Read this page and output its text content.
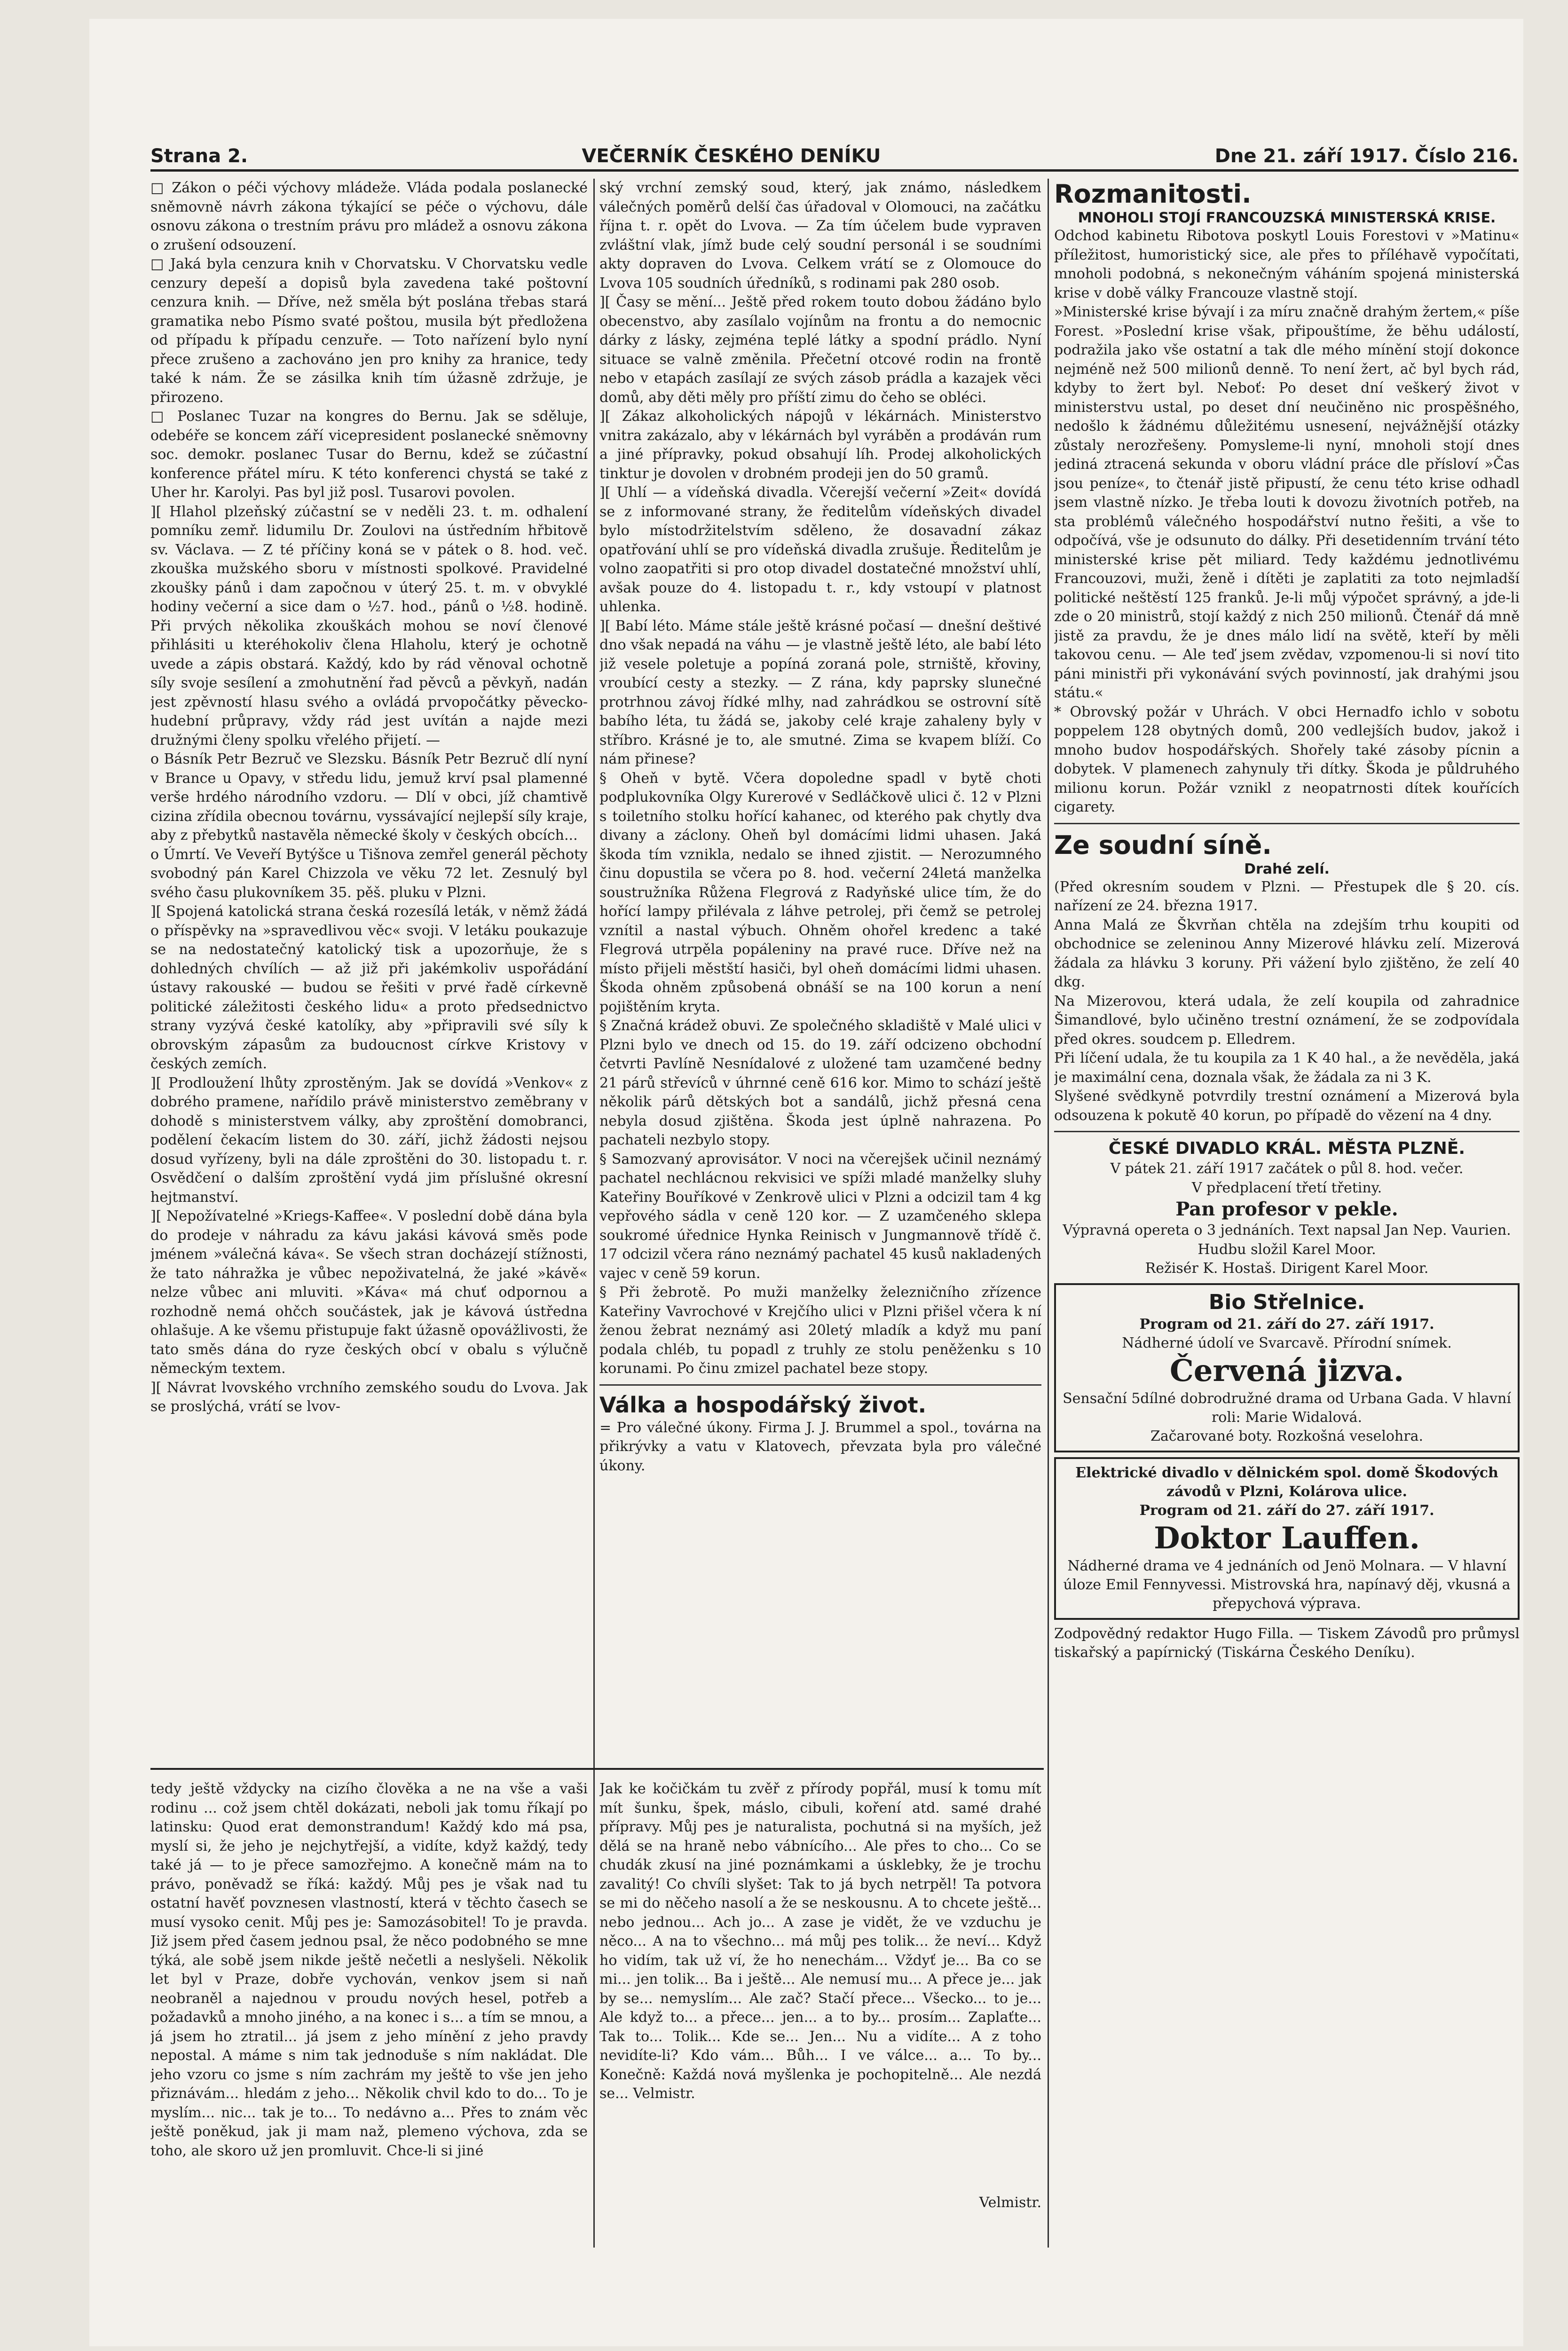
Strana 2.	VEČERNÍK ČESKÉHO DENÍKU	Dne 21. září 1917. Číslo 216.

□ Zákon o péči výchovy mládeže. Vláda podala poslanecké sněmovně návrh zákona týkající se péče o výchovu, dále osnovu zákona o trestním právu pro mládež a osnovu zákona o zrušení odsouzení.

□ Jaká byla cenzura knih v Chorvatsku. V Chorvatsku vedle cenzury depeší a dopisů byla zavedena také poštovní cenzura knih. — Dříve, než směla být poslána třebas stará gramatika nebo Písmo svaté poštou, musila být předložena od případu k případu cenzuře. — Toto nařízení bylo nyní přece zrušeno a zachováno jen pro knihy za hranice, tedy také k nám. Že se zásilka knih tím úžasně zdržuje, je přirozeno.

□ Poslanec Tuzar na kongres do Bernu. Jak se sděluje, odebéře se koncem září vicepresident poslanecké sněmovny soc. demokr. poslanec Tusar do Bernu, kdež se zúčastní konference přátel míru. K této konferenci chystá se také z Uher hr. Karolyi. Pas byl již posl. Tusarovi povolen.

][ Hlahol plzeňský zúčastní se v neděli 23. t. m. odhalení pomníku zemř. lidumilu Dr. Zoulovi na ústředním hřbitově sv. Václava. — Z té příčiny koná se v pátek o 8. hod. več. zkouška mužského sboru v místnosti spolkové. Pravidelné zkoušky pánů i dam započnou v úterý 25. t. m. v obvyklé hodiny večerní a sice dam o ½7. hod., pánů o ½8. hodině. Při prvých několika zkouškách mohou se noví členové přihlásiti u kteréhokoliv člena Hlaholu, který je ochotně uvede a zápis obstará. Každý, kdo by rád věnoval ochotně síly svoje sesílení a zmohutnění řad pěvců a pěvkyň, nadán jest zpěvností hlasu svého a ovládá prvopočátky pěvecko-hudební průpravy, vždy rád jest uvítán a najde mezi družnými členy spolku vřelého přijetí. —

o Básník Petr Bezruč ve Slezsku. Básník Petr Bezruč dlí nyní v Brance u Opavy, v středu lidu, jemuž krví psal plamenné verše hrdého národního vzdoru. — Dlí v obci, jíž chamtivě cizina zřídila obecnou továrnu, vyssávající nejlepší síly kraje, aby z přebytků nastavěla německé školy v českých obcích...

o Úmrtí. Ve Veveří Bytýšce u Tišnova zemřel generál pěchoty svobodný pán Karel Chizzola ve věku 72 let. Zesnulý byl svého času plukovníkem 35. pěš. pluku v Plzni.

][ Spojená katolická strana česká rozesílá leták, v němž žádá o příspěvky na »spravedlivou věc« svoji. V letáku poukazuje se na nedostatečný katolický tisk a upozorňuje, že s dohledných chvílích — až již při jakémkoliv uspořádání ústavy rakouské — budou se řešiti v prvé řadě církevně politické záležitosti českého lidu« a proto předsednictvo strany vyzývá české katolíky, aby »připravili své síly k obrovským zápasům za budoucnost církve Kristovy v českých zemích.

][ Prodloužení lhůty zprostěným. Jak se dovídá »Venkov« z dobrého pramene, nařídilo právě ministerstvo zeměbrany v dohodě s ministerstvem války, aby zproštění domobranci, podělení čekacím listem do 30. září, jichž žádosti nejsou dosud vyřízeny, byli na dále zproštěni do 30. listopadu t. r. Osvědčení o dalším zproštění vydá jim příslušné okresní hejtmanství.

][ Nepožívatelné »Kriegs-Kaffee«. V poslední době dána byla do prodeje v náhradu za kávu jakási kávová směs pode jménem »válečná káva«. Se všech stran docházejí stížnosti, že tato náhražka je vůbec nepoživatelná, že jaké »kávě« nelze vůbec ani mluviti. »Káva« má chuť odpornou a rozhodně nemá ohčch součástek, jak je kávová ústředna ohlašuje. A ke všemu přistupuje fakt úžasně opovážlivosti, že tato směs dána do ryze českých obcí v obalu s výlučně německým textem.

][ Návrat lvovského vrchního zemského soudu do Lvova. Jak se proslýchá, vrátí se lvov-

ský vrchní zemský soud, který, jak známo, následkem válečných poměrů delší čas úřadoval v Olomouci, na začátku října t. r. opět do Lvova. — Za tím účelem bude vypraven zvláštní vlak, jímž bude celý soudní personál i se soudními akty dopraven do Lvova. Celkem vrátí se z Olomouce do Lvova 105 soudních úředníků, s rodinami pak 280 osob.

][ Časy se mění... Ještě před rokem touto dobou žádáno bylo obecenstvo, aby zasílalo vojínům na frontu a do nemocnic dárky z lásky, zejména teplé látky a spodní prádlo. Nyní situace se valně změnila. Přečetní otcové rodin na frontě nebo v etapách zasílají ze svých zásob prádla a kazajek věci domů, aby děti měly pro příští zimu do čeho se obléci.

][ Zákaz alkoholických nápojů v lékárnách. Ministerstvo vnitra zakázalo, aby v lékárnách byl vyráběn a prodáván rum a jiné přípravky, pokud obsahují líh. Prodej alkoholických tinktur je dovolen v drobném prodeji jen do 50 gramů.

][ Uhlí — a vídeňská divadla. Včerejší večerní »Zeit« dovídá se z informované strany, že ředitelům vídeňských divadel bylo místodržitelstvím sděleno, že dosavadní zákaz opatřování uhlí se pro vídeňská divadla zrušuje. Ředitelům je volno zaopatřiti si pro otop divadel dostatečné množství uhlí, avšak pouze do 4. listopadu t. r., kdy vstoupí v platnost uhlenka.

][ Babí léto. Máme stále ještě krásné počasí — dnešní deštivé dno však nepadá na váhu — je vlastně ještě léto, ale babí léto již vesele poletuje a popíná zoraná pole, strniště, křoviny, vroubící cesty a stezky. — Z rána, kdy paprsky slunečné protrhnou závoj řídké mlhy, nad zahrádkou se ostrovní sítě babího léta, tu žádá se, jakoby celé kraje zahaleny byly v stříbro. Krásné je to, ale smutné. Zima se kvapem blíží. Co nám přinese?

§ Oheň v bytě. Včera dopoledne spadl v bytě choti podplukovníka Olgy Kurerové v Sedláčkově ulici č. 12 v Plzni s toiletního stolku hořící kahanec, od kterého pak chytly dva divany a záclony. Oheň byl domácími lidmi uhasen. Jaká škoda tím vznikla, nedalo se ihned zjistit. — Nerozumného činu dopustila se včera po 8. hod. večerní 24letá manželka soustružníka Růžena Flegrová z Radyňské ulice tím, že do hořící lampy přilévala z láhve petrolej, při čemž se petrolej vznítil a nastal výbuch. Ohněm ohořel kredenc a také Flegrová utrpěla popáleniny na pravé ruce. Dříve než na místo přijeli městští hasiči, byl oheň domácími lidmi uhasen. Škoda ohněm způsobená obnáší se na 100 korun a není pojištěním kryta.

§ Značná krádež obuvi. Ze společného skladiště v Malé ulici v Plzni bylo ve dnech od 15. do 19. září odcizeno obchodní četvrti Pavlíně Nesnídalové z uložené tam uzamčené bedny 21 párů střevíců v úhrnné ceně 616 kor. Mimo to schází ještě několik párů dětských bot a sandálů, jichž přesná cena nebyla dosud zjištěna. Škoda jest úplně nahrazena. Po pachateli nezbylo stopy.

§ Samozvaný aprovisátor. V noci na včerejšek učinil neznámý pachatel nechlácnou rekvisici ve spíži mladé manželky sluhy Kateřiny Bouříkové v Zenkrově ulici v Plzni a odcizil tam 4 kg vepřového sádla v ceně 120 kor. — Z uzamčeného sklepa soukromé úřednice Hynka Reinisch v Jungmannově třídě č. 17 odcizil včera ráno neznámý pachatel 45 kusů nakladených vajec v ceně 59 korun.

§ Při žebrotě. Po muži manželky železničního zřízence Kateřiny Vavrochové v Krejčího ulici v Plzni přišel včera k ní ženou žebrat neznámý asi 20letý mladík a když mu paní podala chléb, tu popadl z truhly ze stolu peněženku s 10 korunami. Po činu zmizel pachatel beze stopy.

Válka a hospodářský život.

= Pro válečné úkony. Firma J. J. Brummel a spol., továrna na přikrývky a vatu v Klatovech, převzata byla pro válečné úkony.

Rozmanitosti.

MNOHOLI STOJÍ FRANCOUZSKÁ MINISTERSKÁ KRISE.

Odchod kabinetu Ribotova poskytl Louis Forestovi v »Matinu« příležitost, humoristický sice, ale přes to příléhavě vypočítati, mnoholi podobná, s nekonečným váháním spojená ministerská krise v době války Francouze vlastně stojí.

»Ministerské krise bývají i za míru značně drahým žertem,« píše Forest. »Poslední krise však, připouštíme, že běhu událostí, podražila jako vše ostatní a tak dle mého mínění stojí dokonce nejméně než 500 milionů denně. To není žert, ač byl bych rád, kdyby to žert byl. Neboť: Po deset dní veškerý život v ministerstvu ustal, po deset dní neučiněno nic prospěšného, nedošlo k žádnému důležitému usnesení, nejvážnější otázky zůstaly nerozřešeny. Pomysleme-li nyní, mnoholi stojí dnes jediná ztracená sekunda v oboru vládní práce dle přísloví »Čas jsou peníze«, to čtenář jistě připustí, že cenu této krise odhadl jsem vlastně nízko. Je třeba louti k dovozu životních potřeb, na sta problémů válečného hospodářství nutno řešiti, a vše to odpočívá, vše je odsunuto do dálky. Při desetidenním trvání této ministerské krise pět miliard. Tedy každému jednotlivému Francouzovi, muži, ženě i dítěti je zaplatiti za toto nejmladší politické neštěstí 125 franků. Je-li můj výpočet správný, a jde-li zde o 20 ministrů, stojí každý z nich 250 milionů. Čtenář dá mně jistě za pravdu, že je dnes málo lidí na světě, kteří by měli takovou cenu. — Ale teď jsem zvědav, vzpomenou-li si noví tito páni ministři při vykonávání svých povinností, jak drahými jsou státu.«

* Obrovský požár v Uhrách. V obci Hernadfo ichlo v sobotu poppelem 128 obytných domů, 200 vedlejších budov, jakož i mnoho budov hospodářských. Shořely také zásoby pícnin a dobytek. V plamenech zahynuly tři dítky. Škoda je půldruhého milionu korun. Požár vznikl z neopatrnosti dítek kouřících cigarety.

Ze soudní síně.

Drahé zelí.

(Před okresním soudem v Plzni. — Přestupek dle § 20. cís. nařízení ze 24. března 1917.

Anna Malá ze Škvrňan chtěla na zdejším trhu koupiti od obchodnice se zeleninou Anny Mizerové hlávku zelí. Mizerová žádala za hlávku 3 koruny. Při vážení bylo zjištěno, že zelí 40 dkg.

Na Mizerovou, která udala, že zelí koupila od zahradnice Šimandlové, bylo učiněno trestní oznámení, že se zodpovídala před okres. soudcem p. Elledrem.

Při líčení udala, že tu koupila za 1 K 40 hal., a že nevěděla, jaká je maximální cena, doznala však, že žádala za ni 3 K.

Slyšené svědkyně potvrdily trestní oznámení a Mizerová byla odsouzena k pokutě 40 korun, po případě do vězení na 4 dny.

ČESKÉ DIVADLO KRÁL. MĚSTA PLZNĚ.

V pátek 21. září 1917 začátek o půl 8. hod. večer.

V předplacení třetí třetiny.

Pan profesor v pekle.

Výpravná opereta o 3 jednáních. Text napsal Jan Nep. Vaurien. Hudbu složil Karel Moor.

Režisér K. Hostaš. Dirigent Karel Moor.

Bio Střelnice.
Program od 21. září do 27. září 1917.
Nádherné údolí ve Svarcavě. Přírodní snímek.
Červená jizva.
Sensační 5dílné dobrodružné drama od Urbana Gada. V hlavní roli: Marie Widalová.
Začarované boty. Rozkošná veselohra.
Elektrické divadlo v dělnickém spol. domě Škodových závodů v Plzni, Kolárova ulice.
Program od 21. září do 27. září 1917.
Doktor Lauffen.
Nádherné drama ve 4 jednáních od Jenö Molnara. — V hlavní úloze Emil Fennyvessi. Mistrovská hra, napínavý děj, vkusná a přepychová výprava.

Zodpovědný redaktor Hugo Filla. — Tiskem Závodů pro průmysl tiskařský a papírnický (Tiskárna Českého Deníku).

tedy ještě vždycky na cizího člověka a ne na vše a vaši rodinu ... což jsem chtěl dokázati, neboli jak tomu říkají po latinsku: Quod erat demonstrandum! Každý kdo má psa, myslí si, že jeho je nejchytřejší, a vidíte, když každý, tedy také já — to je přece samozřejmo. A konečně mám na to právo, poněvadž se říká: každý. Můj pes je však nad tu ostatní havěť povznesen vlastností, která v těchto časech se musí vysoko cenit. Můj pes je: Samozásobitel! To je pravda. Již jsem před časem jednou psal, že něco podobného se mne týká, ale sobě jsem nikde ještě nečetli a neslyšeli. Několik let byl v Praze, dobře vychován, venkov jsem si naň neobraněl a najednou v proudu nových hesel, potřeb a požadavků a mnoho jiného, a na konec i s... a tím se mnou, a já jsem ho ztratil... já jsem z jeho mínění z jeho pravdy nepostal. A máme s nim tak jednoduše s ním nakládat. Dle jeho vzoru co jsme s ním zachrám my ještě to vše jen jeho přiznávám... hledám z jeho... Několik chvil kdo to do... To je myslím... nic... tak je to... To nedávno a... Přes to znám věc ještě poněkud, jak ji mam naž, plemeno výchova, zda se toho, ale skoro už jen promluvit. Chce-li si jiné

Jak ke kočičkám tu zvěř z přírody popřál, musí k tomu mít mít šunku, špek, máslo, cibuli, koření atd. samé drahé přípravy. Můj pes je naturalista, pochutná si na myších, jež dělá se na hraně nebo vábnícího... Ale přes to cho... Co se chudák zkusí na jiné poznámkami a úsklebky, že je trochu zavalitý! Co chvíli slyšet: Tak to já bych netrpěl! Ta potvora se mi do něčeho nasolí a že se neskousnu. A to chcete ještě... nebo jednou... Ach jo... A zase je vidět, že ve vzduchu je něco... A na to všechno... má můj pes tolik... že neví... Když ho vidím, tak už ví, že ho nenechám... Vždyť je... Ba co se mi... jen tolik... Ba i ještě... Ale nemusí mu... A přece je... jak by se... nemyslím... Ale zač? Stačí přece... Všecko... to je... Ale když to... a přece... jen... a to by... prosím... Zaplaťte... Tak to... Tolik... Kde se... Jen... Nu a vidíte... A z toho nevidíte-li? Kdo vám... Bůh... I ve válce... a... To by... Konečně: Každá nová myšlenka je pochopitelně... Ale nezdá se... Velmistr.

Velmistr.
